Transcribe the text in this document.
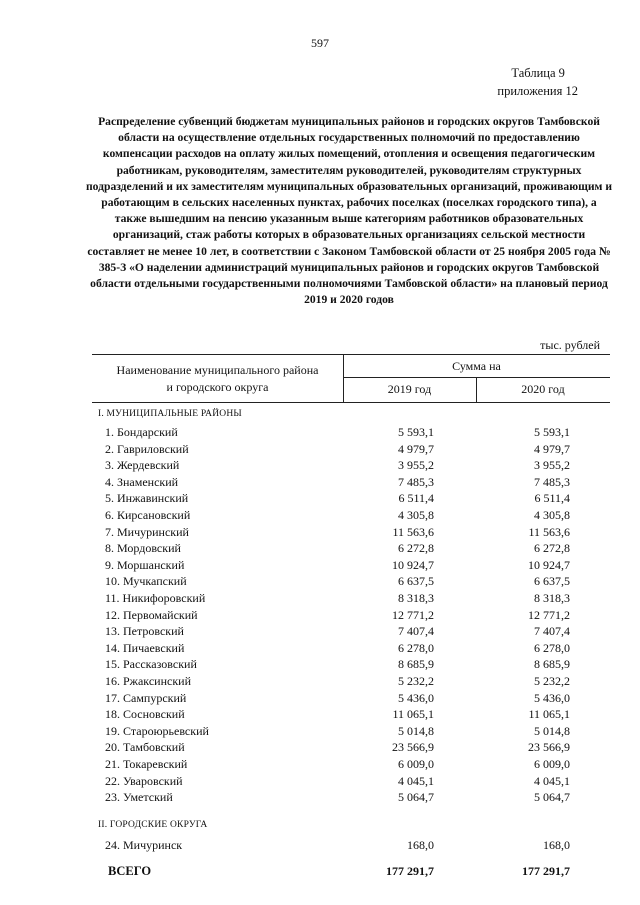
597
Таблица 9
приложения 12
Распределение субвенций бюджетам муниципальных районов и городских округов Тамбовской области на осуществление отдельных государственных полномочий по предоставлению компенсации расходов на оплату жилых помещений, отопления и освещения педагогическим работникам, руководителям, заместителям руководителей, руководителям структурных подразделений и их заместителям муниципальных образовательных организаций, проживающим и работающим в сельских населенных пунктах, рабочих поселках (поселках городского типа), а также вышедшим на пенсию указанным выше категориям работников образовательных организаций, стаж работы которых в образовательных организациях сельской местности составляет не менее 10 лет, в соответствии с Законом Тамбовской области от 25 ноября 2005 года № 385-З «О наделении администраций муниципальных районов и городских округов Тамбовской области отдельными государственными полномочиями Тамбовской области» на плановый период 2019 и 2020 годов
тыс. рублей
Наименование муниципального района
и городского округа
Сумма на
2019 год	2020 год
I. МУНИЦИПАЛЬНЫЕ РАЙОНЫ
1. Бондарский	5 593,1	5 593,1
2. Гавриловский	4 979,7	4 979,7
3. Жердевский	3 955,2	3 955,2
4. Знаменский	7 485,3	7 485,3
5. Инжавинский	6 511,4	6 511,4
6. Кирсановский	4 305,8	4 305,8
7. Мичуринский	11 563,6	11 563,6
8. Мордовский	6 272,8	6 272,8
9. Моршанский	10 924,7	10 924,7
10. Мучкапский	6 637,5	6 637,5
11. Никифоровский	8 318,3	8 318,3
12. Первомайский	12 771,2	12 771,2
13. Петровский	7 407,4	7 407,4
14. Пичаевский	6 278,0	6 278,0
15. Рассказовский	8 685,9	8 685,9
16. Ржаксинский	5 232,2	5 232,2
17. Сампурский	5 436,0	5 436,0
18. Сосновский	11 065,1	11 065,1
19. Староюрьевский	5 014,8	5 014,8
20. Тамбовский	23 566,9	23 566,9
21. Токаревский	6 009,0	6 009,0
22. Уваровский	4 045,1	4 045,1
23. Уметский	5 064,7	5 064,7
II. ГОРОДСКИЕ ОКРУГА
24. Мичуринск	168,0	168,0
ВСЕГО	177 291,7	177 291,7
